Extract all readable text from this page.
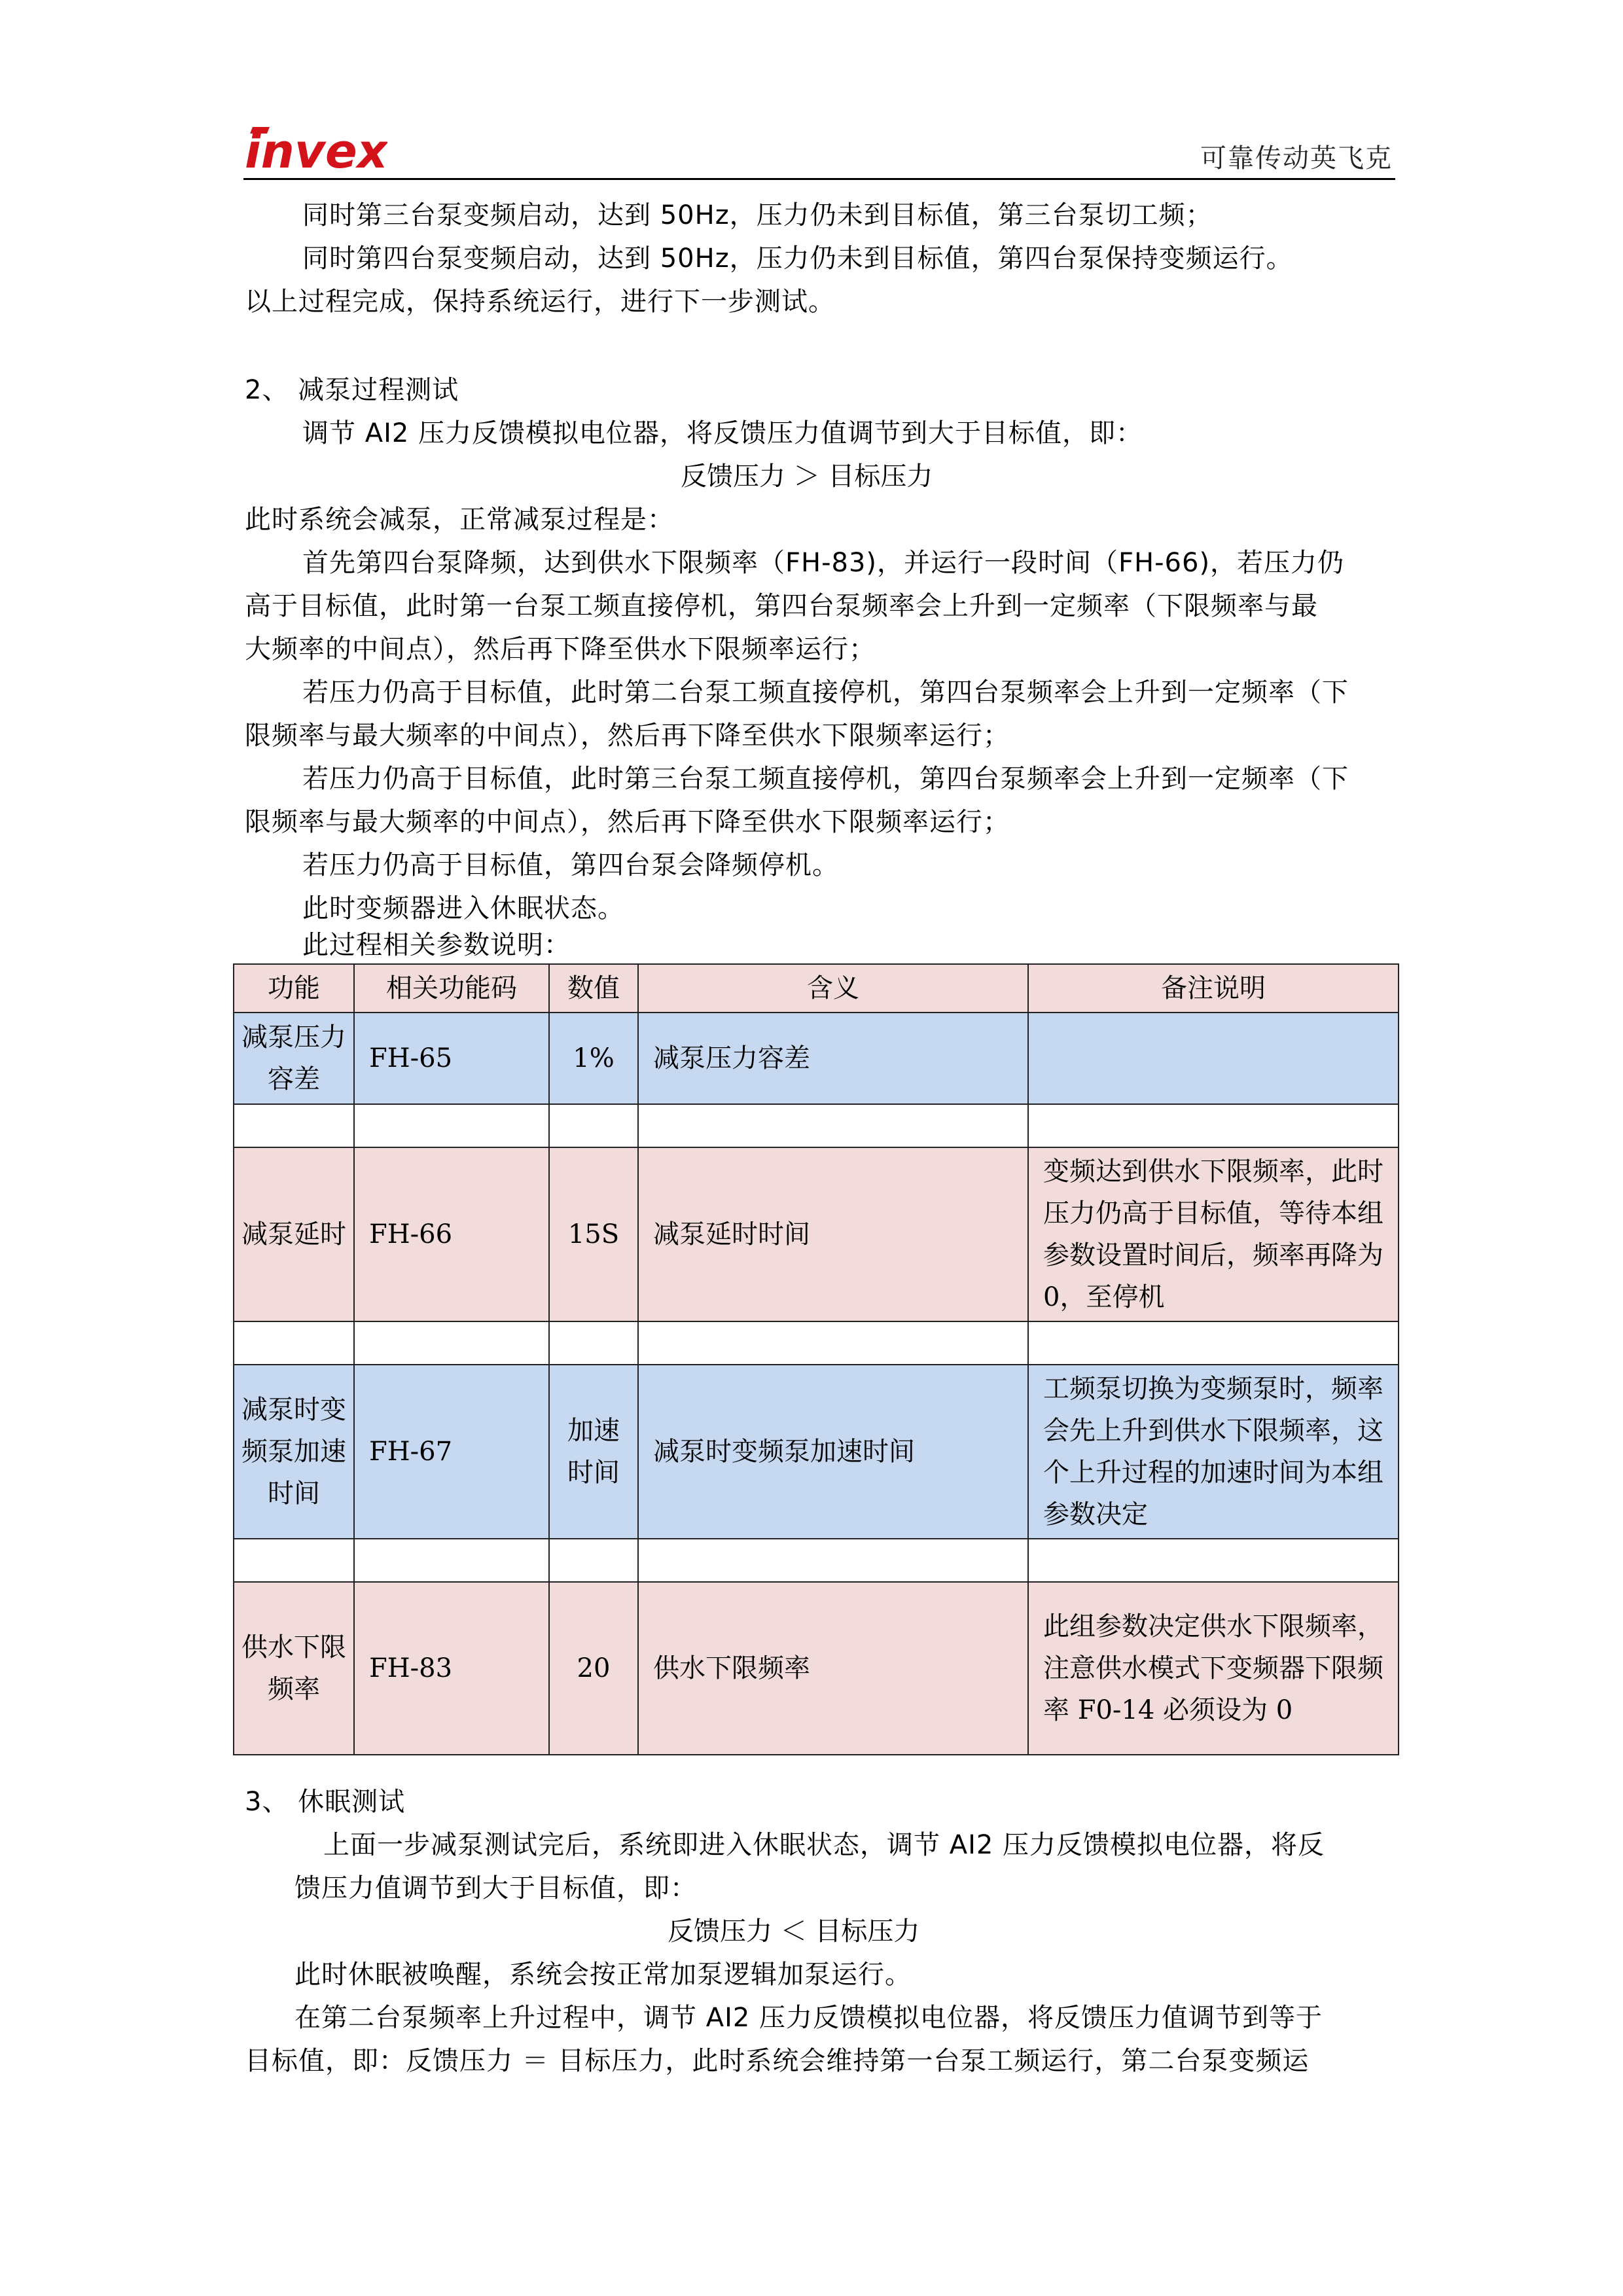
invex	可靠传动英飞克
同时第三台泵变频启动，达到 50Hz，压力仍未到目标值，第三台泵切工频；
同时第四台泵变频启动，达到 50Hz，压力仍未到目标值，第四台泵保持变频运行。
以上过程完成，保持系统运行，进行下一步测试。
2、 减泵过程测试
调节 AI2 压力反馈模拟电位器，将反馈压力值调节到大于目标值，即：
反馈压力 ＞ 目标压力
此时系统会减泵，正常减泵过程是：
首先第四台泵降频，达到供水下限频率（FH-83)，并运行一段时间（FH-66)，若压力仍
高于目标值，此时第一台泵工频直接停机，第四台泵频率会上升到一定频率（下限频率与最
大频率的中间点），然后再下降至供水下限频率运行；
若压力仍高于目标值，此时第二台泵工频直接停机，第四台泵频率会上升到一定频率（下
限频率与最大频率的中间点），然后再下降至供水下限频率运行；
若压力仍高于目标值，此时第三台泵工频直接停机，第四台泵频率会上升到一定频率（下
限频率与最大频率的中间点），然后再下降至供水下限频率运行；
若压力仍高于目标值，第四台泵会降频停机。
此时变频器进入休眠状态。
此过程相关参数说明：
功能	相关功能码	数值	含义	备注说明
减泵压力容差	FH-65	1%	减泵压力容差	

减泵延时	FH-66	15S	减泵延时时间	变频达到供水下限频率，此时压力仍高于目标值，等待本组参数设置时间后，频率再降为 0，至停机

减泵时变频泵加速时间	FH-67	加速时间	减泵时变频泵加速时间	工频泵切换为变频泵时，频率会先上升到供水下限频率，这个上升过程的加速时间为本组参数决定

供水下限频率	FH-83	20	供水下限频率	此组参数决定供水下限频率，注意供水模式下变频器下限频率 F0-14 必须设为 0
3、 休眠测试
上面一步减泵测试完后，系统即进入休眠状态，调节 AI2 压力反馈模拟电位器，将反
馈压力值调节到大于目标值，即：
反馈压力 ＜ 目标压力
此时休眠被唤醒，系统会按正常加泵逻辑加泵运行。
在第二台泵频率上升过程中，调节 AI2 压力反馈模拟电位器，将反馈压力值调节到等于
目标值，即：反馈压力 ＝ 目标压力，此时系统会维持第一台泵工频运行，第二台泵变频运
